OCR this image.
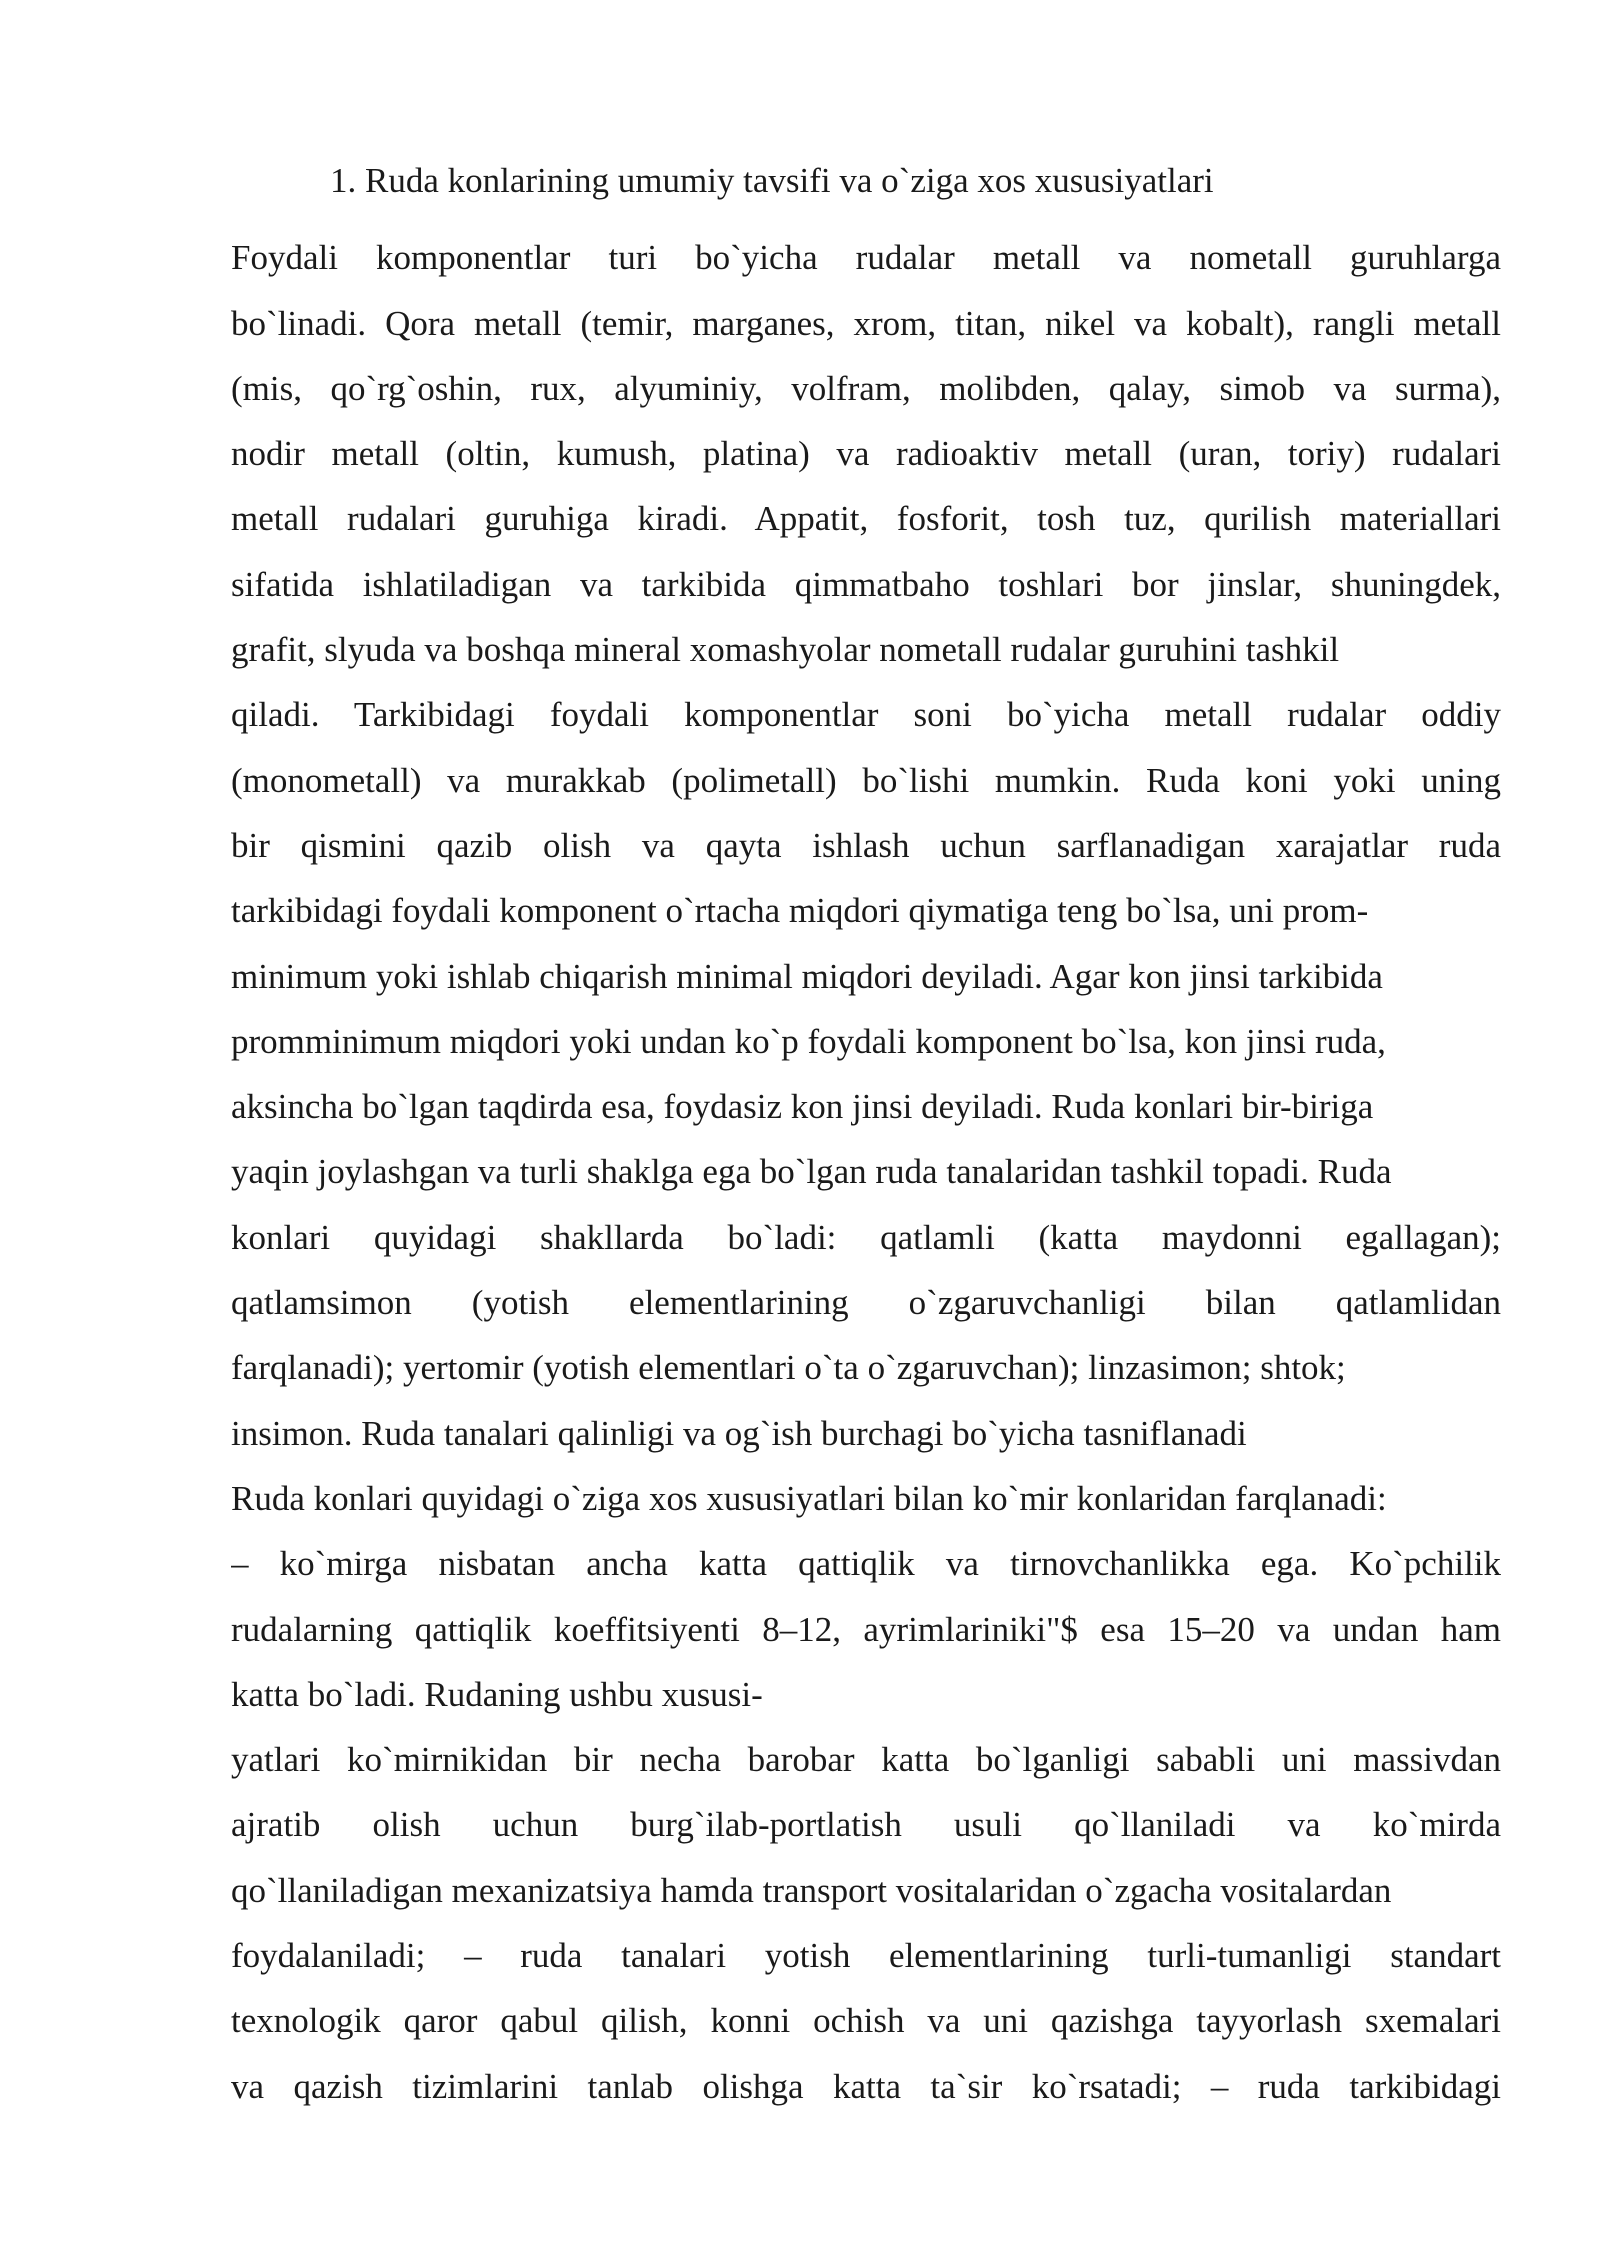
1. Ruda konlarining umumiy tavsifi va o`ziga xos xususiyatlari
Foydali komponentlar turi bo`yicha rudalar metall va nometall guruhlarga
bo`linadi. Qora metall (temir, marganes, xrom, titan, nikel va kobalt), rangli metall
(mis, qo`rg`oshin, rux, alyuminiy, volfram, molibden, qalay, simob va surma),
nodir metall (oltin, kumush, platina) va radioaktiv metall (uran, toriy) rudalari
metall rudalari guruhiga kiradi. Appatit, fosforit, tosh tuz, qurilish materiallari
sifatida ishlatiladigan va tarkibida qimmatbaho toshlari bor jinslar, shuningdek,
grafit, slyuda va boshqa mineral xomashyolar nometall rudalar guruhini tashkil
qiladi. Tarkibidagi foydali komponentlar soni bo`yicha metall rudalar oddiy
(monometall) va murakkab (polimetall) bo`lishi mumkin. Ruda koni yoki uning
bir qismini qazib olish va qayta ishlash uchun sarflanadigan xarajatlar ruda
tarkibidagi foydali komponent o`rtacha miqdori qiymatiga teng bo`lsa, uni prom-
minimum yoki ishlab chiqarish minimal miqdori deyiladi. Agar kon jinsi tarkibida
promminimum miqdori yoki undan ko`p foydali komponent bo`lsa, kon jinsi ruda,
aksincha bo`lgan taqdirda esa, foydasiz kon jinsi deyiladi. Ruda konlari bir-biriga
yaqin joylashgan va turli shaklga ega bo`lgan ruda tanalaridan tashkil topadi. Ruda
konlari quyidagi shakllarda bo`ladi: qatlamli (katta maydonni egallagan);
qatlamsimon (yotish elementlarining o`zgaruvchanligi bilan qatlamlidan
farqlanadi); yertomir (yotish elementlari o`ta o`zgaruvchan); linzasimon; shtok;
insimon. Ruda tanalari qalinligi va og`ish burchagi bo`yicha tasniflanadi
Ruda konlari quyidagi o`ziga xos xususiyatlari bilan ko`mir konlaridan farqlanadi:
– ko`mirga nisbatan ancha katta qattiqlik va tirnovchanlikka ega. Ko`pchilik
rudalarning qattiqlik koeffitsiyenti 8–12, ayrimlariniki"$ esa 15–20 va undan ham
katta bo`ladi. Rudaning ushbu xususi-
yatlari ko`mirnikidan bir necha barobar katta bo`lganligi sababli uni massivdan
ajratib olish uchun burg`ilab-portlatish usuli qo`llaniladi va ko`mirda
qo`llaniladigan mexanizatsiya hamda transport vositalaridan o`zgacha vositalardan
foydalaniladi; – ruda tanalari yotish elementlarining turli-tumanligi standart
texnologik qaror qabul qilish, konni ochish va uni qazishga tayyorlash sxemalari
va qazish tizimlarini tanlab olishga katta ta`sir ko`rsatadi; – ruda tarkibidagi
